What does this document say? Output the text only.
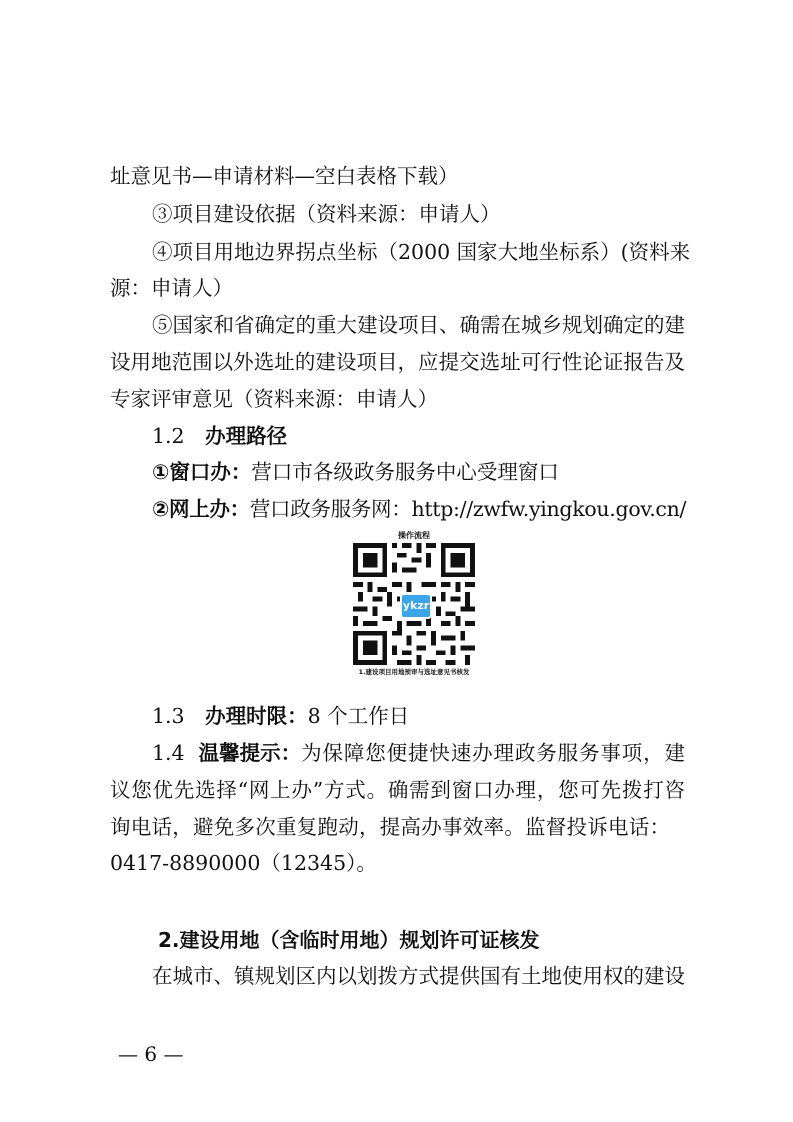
址意见书—申请材料—空白表格下载）
③项目建设依据（资料来源：申请人）
④项目用地边界拐点坐标（2000 国家大地坐标系）(资料来
源：申请人）
⑤国家和省确定的重大建设项目、确需在城乡规划确定的建
设用地范围以外选址的建设项目，应提交选址可行性论证报告及
专家评审意见（资料来源：申请人）
1.2 办理路径
①窗口办：营口市各级政务服务中心受理窗口
②网上办：营口政务服务网：http://zwfw.yingkou.gov.cn/
操作流程
ykzr
1.建设项目用地预审与选址意见书核发
1.3 办理时限：8 个工作日
1.4 温馨提示： 为保障您便捷快速办理政务服务事项，建
议您优先选择“网上办”方式。确需到窗口办理，您可先拨打咨
询电话，避免多次重复跑动，提高办事效率。监督投诉电话：
0417-8890000（12345）。
2.建设用地（含临时用地）规划许可证核发
在城市、镇规划区内以划拨方式提供国有土地使用权的建设
— 6 —
